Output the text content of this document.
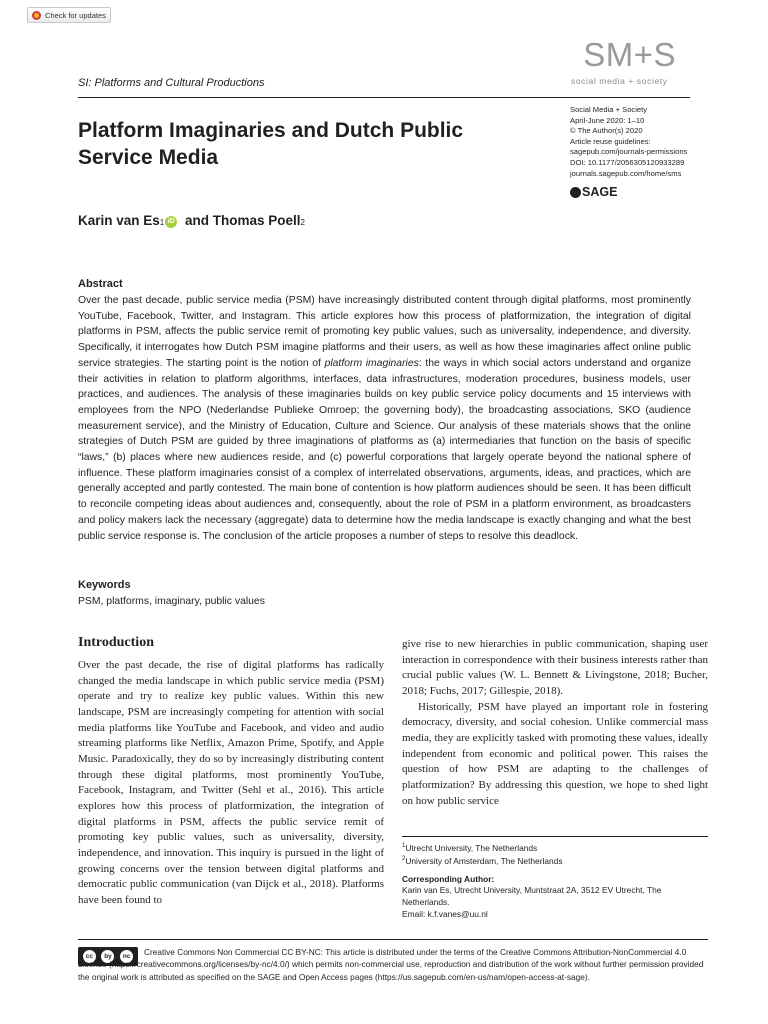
Check for updates
SM+S
social media + society
SI: Platforms and Cultural Productions
Platform Imaginaries and Dutch Public Service Media
Social Media + Society
April-June 2020: 1–10
© The Author(s) 2020
Article reuse guidelines:
sagepub.com/journals-permissions
DOI: 10.1177/2056305120933289
journals.sagepub.com/home/sms
SAGE
Karin van Es 1 iD and Thomas Poell 2
Abstract
Over the past decade, public service media (PSM) have increasingly distributed content through digital platforms, most prominently YouTube, Facebook, Twitter, and Instagram. This article explores how this process of platformization, the integration of digital platforms in PSM, affects the public service remit of promoting key public values, such as universality, independence, and diversity. Specifically, it interrogates how Dutch PSM imagine platforms and their users, as well as how these imaginaries affect online public service strategies. The starting point is the notion of platform imaginaries: the ways in which social actors understand and organize their activities in relation to platform algorithms, interfaces, data infrastructures, moderation procedures, business models, user practices, and audiences. The analysis of these imaginaries builds on key public service policy documents and 15 interviews with employees from the NPO (Nederlandse Publieke Omroep; the governing body), the broadcasting associations, SKO (audience measurement service), and the Ministry of Education, Culture and Science. Our analysis of these materials shows that the online strategies of Dutch PSM are guided by three imaginations of platforms as (a) intermediaries that function on the basis of specific “laws,” (b) places where new audiences reside, and (c) powerful corporations that largely operate beyond the national sphere of influence. These platform imaginaries consist of a complex of interrelated observations, arguments, ideas, and practices, which are generally accepted and partly contested. The main bone of contention is how platform audiences should be seen. It has been difficult to reconcile competing ideas about audiences and, consequently, about the role of PSM in a platform environment, as broadcasters and policy makers lack the necessary (aggregate) data to determine how the media landscape is exactly changing and what the best public service response is. The conclusion of the article proposes a number of steps to resolve this deadlock.
Keywords
PSM, platforms, imaginary, public values
Introduction

Over the past decade, the rise of digital platforms has radically changed the media landscape in which public service media (PSM) operate and try to realize key public values. Within this new landscape, PSM are increasingly competing for attention with social media platforms like YouTube and Facebook, and video and audio streaming platforms like Netflix, Amazon Prime, Spotify, and Apple Music. Paradoxically, they do so by increasingly distributing content through these digital platforms, most prominently YouTube, Facebook, Instagram, and Twitter (Sehl et al., 2016). This article explores how this process of platformization, the integration of digital platforms in PSM, affects the public service remit of promoting key public values, such as universality, diversity, independence, and innovation. This inquiry is pursued in the light of growing concerns over the tension between digital platforms and democratic public communication (van Dijck et al., 2018). Platforms have been found to

give rise to new hierarchies in public communication, shaping user interaction in correspondence with their business interests rather than crucial public values (W. L. Bennett & Livingstone, 2018; Bucher, 2018; Fuchs, 2017; Gillespie, 2018).

Historically, PSM have played an important role in fostering democracy, diversity, and social cohesion. Unlike commercial mass media, they are explicitly tasked with promoting these values, ideally independent from economic and political power. This raises the question of how PSM are adapting to the challenges of platformization? By addressing this question, we hope to shed light on how public service

$^1$Utrecht University, The Netherlands
$^2$University of Amsterdam, The Netherlands
Corresponding Author:
Karin van Es, Utrecht University, Muntstraat 2A, 3512 EV Utrecht, The Netherlands.
Email: k.f.vanes@uu.nl
cc	by	nc	Creative Commons Non Commercial CC BY-NC: This article is distributed under the terms of the Creative Commons Attribution-NonCommercial 4.0 License (https://creativecommons.org/licenses/by-nc/4.0/) which permits non-commercial use, reproduction and distribution of the work without further permission provided the original work is attributed as specified on the SAGE and Open Access pages (https://us.sagepub.com/en-us/nam/open-access-at-sage).
